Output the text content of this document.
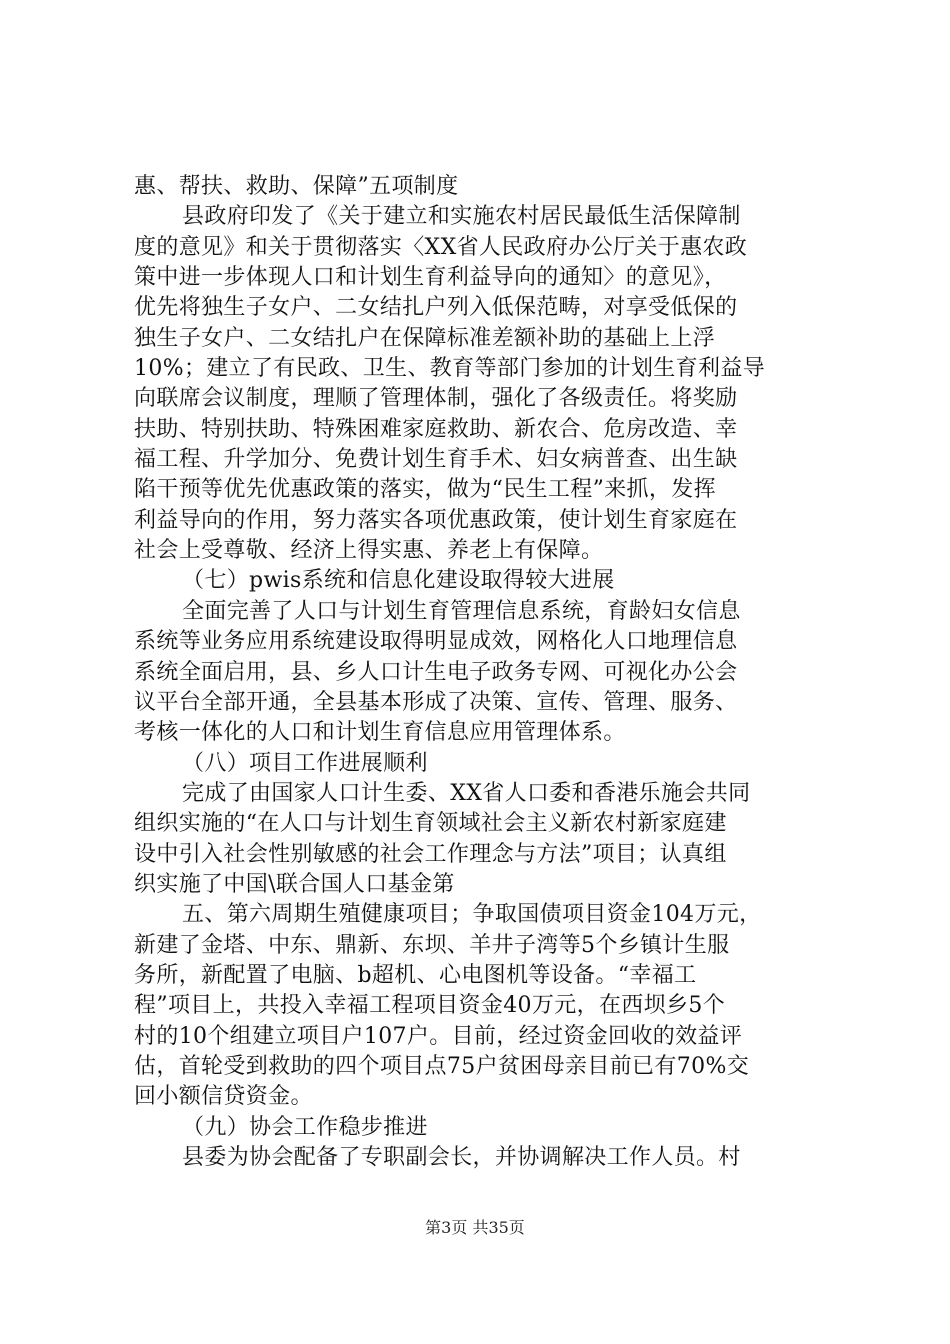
惠、帮扶、救助、保障”五项制度
县政府印发了《关于建立和实施农村居民最低生活保障制
度的意见》和关于贯彻落实〈XX省人民政府办公厅关于惠农政
策中进一步体现人口和计划生育利益导向的通知〉的意见》，
优先将独生子女户、二女结扎户列入低保范畴，对享受低保的
独生子女户、二女结扎户在保障标准差额补助的基础上上浮
10%；建立了有民政、卫生、教育等部门参加的计划生育利益导
向联席会议制度，理顺了管理体制，强化了各级责任。将奖励
扶助、特别扶助、特殊困难家庭救助、新农合、危房改造、幸
福工程、升学加分、免费计划生育手术、妇女病普查、出生缺
陷干预等优先优惠政策的落实，做为“民生工程”来抓，发挥
利益导向的作用，努力落实各项优惠政策，使计划生育家庭在
社会上受尊敬、经济上得实惠、养老上有保障。
（七）pwis系统和信息化建设取得较大进展
全面完善了人口与计划生育管理信息系统，育龄妇女信息
系统等业务应用系统建设取得明显成效，网格化人口地理信息
系统全面启用，县、乡人口计生电子政务专网、可视化办公会
议平台全部开通，全县基本形成了决策、宣传、管理、服务、
考核一体化的人口和计划生育信息应用管理体系。
（八）项目工作进展顺利
完成了由国家人口计生委、XX省人口委和香港乐施会共同
组织实施的“在人口与计划生育领域社会主义新农村新家庭建
设中引入社会性别敏感的社会工作理念与方法”项目；认真组
织实施了中国\联合国人口基金第
五、第六周期生殖健康项目；争取国债项目资金104万元，
新建了金塔、中东、鼎新、东坝、羊井子湾等5个乡镇计生服
务所，新配置了电脑、b超机、心电图机等设备。“幸福工
程”项目上，共投入幸福工程项目资金40万元，在西坝乡5个
村的10个组建立项目户107户。目前，经过资金回收的效益评
估，首轮受到救助的四个项目点75户贫困母亲目前已有70%交
回小额信贷资金。
（九）协会工作稳步推进
县委为协会配备了专职副会长，并协调解决工作人员。村
第3页 共35页
